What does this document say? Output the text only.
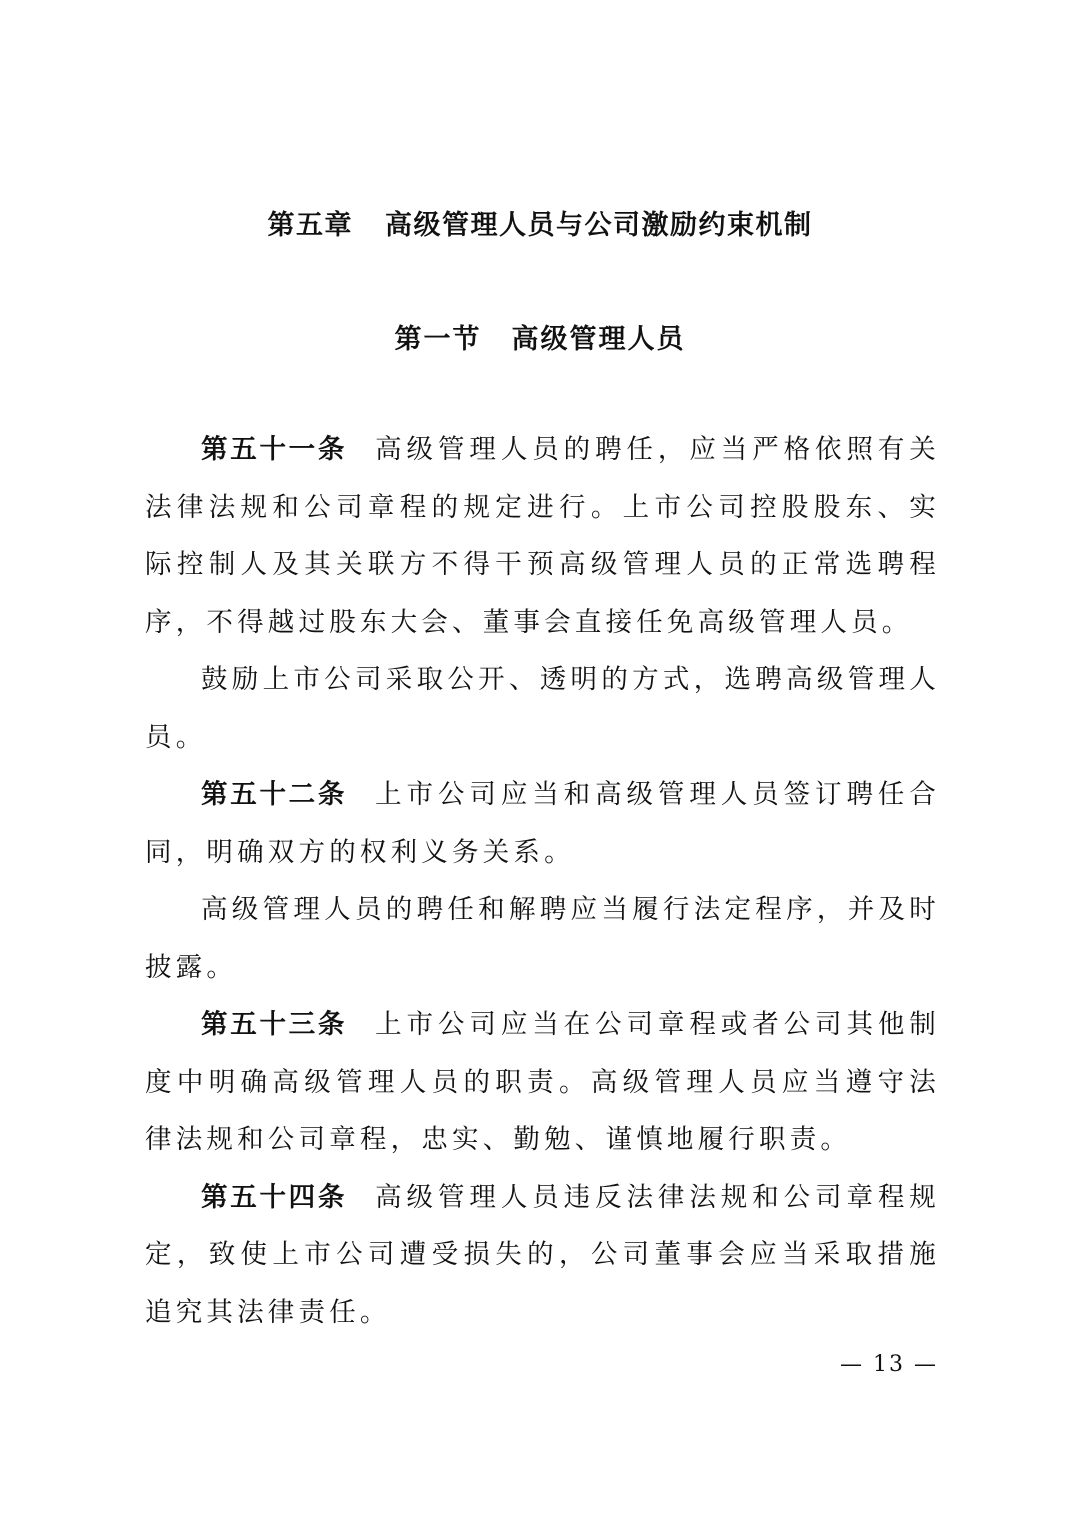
第五章 高级管理人员与公司激励约束机制
第一节 高级管理人员

第五十一条 高级管理人员的聘任，应当严格依照有关法律法规和公司章程的规定进行。上市公司控股股东、实际控制人及其关联方不得干预高级管理人员的正常选聘程序，不得越过股东大会、董事会直接任免高级管理人员。

鼓励上市公司采取公开、透明的方式，选聘高级管理人员。

第五十二条 上市公司应当和高级管理人员签订聘任合同，明确双方的权利义务关系。

高级管理人员的聘任和解聘应当履行法定程序，并及时披露。

第五十三条 上市公司应当在公司章程或者公司其他制度中明确高级管理人员的职责。高级管理人员应当遵守法律法规和公司章程，忠实、勤勉、谨慎地履行职责。

第五十四条 高级管理人员违反法律法规和公司章程规定，致使上市公司遭受损失的，公司董事会应当采取措施追究其法律责任。

— 13 —
